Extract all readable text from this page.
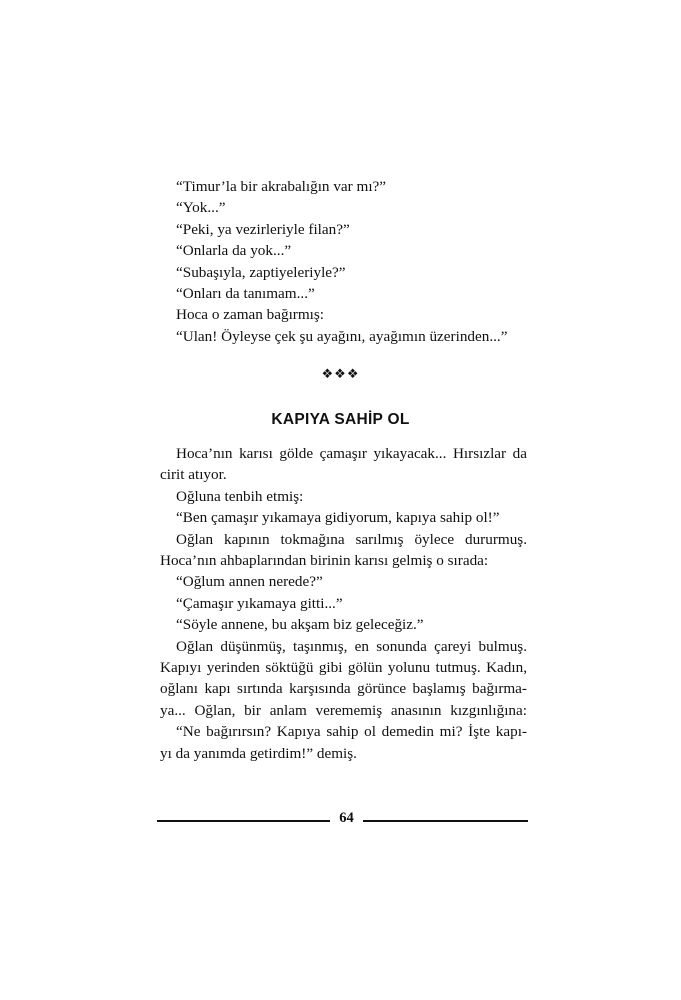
“Timur’la bir akrabalığın var mı?”
“Yok...”
“Peki, ya vezirleriyle filan?”
“Onlarla da yok...”
“Subaşıyla, zaptiyeleriyle?”
“Onları da tanımam...”
Hoca o zaman bağırmış:
“Ulan! Öyleyse çek şu ayağını, ayağımın üzerinden...”
❖❖❖
KAPIYA SAHİP OL
Hoca’nın karısı gölde çamaşır yıkayacak... Hırsızlar da
cirit atıyor.
Oğluna tenbih etmiş:
“Ben çamaşır yıkamaya gidiyorum, kapıya sahip ol!”
Oğlan kapının tokmağına sarılmış öylece dururmuş.
Hoca’nın ahbaplarından birinin karısı gelmiş o sırada:
“Oğlum annen nerede?”
“Çamaşır yıkamaya gitti...”
“Söyle annene, bu akşam biz geleceğiz.”
Oğlan düşünmüş, taşınmış, en sonunda çareyi bulmuş.
Kapıyı yerinden söktüğü gibi gölün yolunu tutmuş. Kadın,
oğlanı kapı sırtında karşısında görünce başlamış bağırma-
ya... Oğlan, bir anlam verememiş anasının kızgınlığına:
“Ne bağırırsın? Kapıya sahip ol demedin mi? İşte kapı-
yı da yanımda getirdim!” demiş.
64
